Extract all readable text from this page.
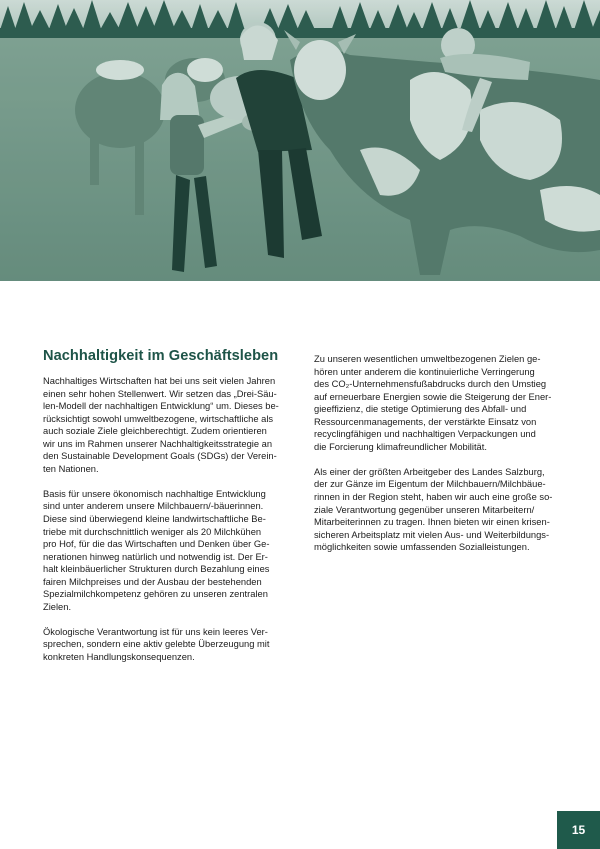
Nachhaltigkeit im Geschäftsleben
Nachhaltiges Wirtschaften hat bei uns seit vielen Jahren
einen sehr hohen Stellenwert. Wir setzen das „Drei-Säu-
len-Modell der nachhaltigen Entwicklung“ um. Dieses be-
rücksichtigt sowohl umweltbezogene, wirtschaftliche als
auch soziale Ziele gleichberechtigt. Zudem orientieren
wir uns im Rahmen unserer Nachhaltigkeitsstrategie an
den Sustainable Development Goals (SDGs) der Verein-
ten Nationen.
Basis für unsere ökonomisch nachhaltige Entwicklung
sind unter anderem unsere Milchbauern/-bäuerinnen.
Diese sind überwiegend kleine landwirtschaftliche Be-
triebe mit durchschnittlich weniger als 20 Milchkühen
pro Hof, für die das Wirtschaften und Denken über Ge-
nerationen hinweg natürlich und notwendig ist. Der Er-
halt kleinbäuerlicher Strukturen durch Bezahlung eines
fairen Milchpreises und der Ausbau der bestehenden
Spezialmilchkompetenz gehören zu unseren zentralen
Zielen.
Ökologische Verantwortung ist für uns kein leeres Ver-
sprechen, sondern eine aktiv gelebte Überzeugung mit
konkreten Handlungskonsequenzen.
Zu unseren wesentlichen umweltbezogenen Zielen ge-
hören unter anderem die kontinuierliche Verringerung
des CO₂-Unternehmensfußabdrucks durch den Umstieg
auf erneuerbare Energien sowie die Steigerung der Ener-
gieeffizienz, die stetige Optimierung des Abfall- und
Ressourcenmanagements, der verstärkte Einsatz von
recyclingfähigen und nachhaltigen Verpackungen und
die Forcierung klimafreundlicher Mobilität.
Als einer der größten Arbeitgeber des Landes Salzburg,
der zur Gänze im Eigentum der Milchbauern/Milchbäue-
rinnen in der Region steht, haben wir auch eine große so-
ziale Verantwortung gegenüber unseren Mitarbeitern/
Mitarbeiterinnen zu tragen. Ihnen bieten wir einen krisen-
sicheren Arbeitsplatz mit vielen Aus- und Weiterbildungs-
möglichkeiten sowie umfassenden Sozialleistungen.
15
